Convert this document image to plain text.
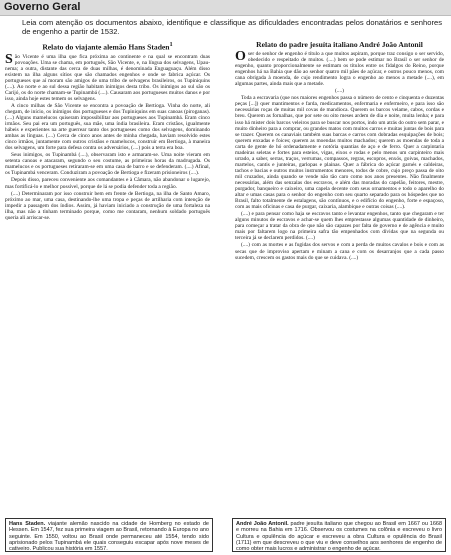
Governo Geral
Leia com atenção os documentos abaixo, identifique e classifique as dificuldades encontradas pelos donatários e senhores de engenho a partir de 1532.
Relato do viajante alemão Hans Staden$^1$

São Vicente é uma ilha que fica próxima ao continente e na qual se encontram duas povoações. Uma se chama, em português, São Vicente, e, na língua dos selvagens, Upau-nema; a outra, distante das cerca de duas milhas, é denominada Enguaguaçu. Além disso existem na ilha alguns sítios que são chamados engenhos e onde se fabrica açúcar. Os portugueses que aí moram são amigos de uma tribo de selvagens brasileiros, os Tupiniquins (....). Ao norte e ao sul dessa região habitam inimigos desta tribo. Os inimigos ao sul são os Carijó, os do norte chamam-se Tupinambá (....). Causaram aos portugueses muitos danos e por isso, ainda hoje estes temem os selvagens.

A cinco milhas de São Vicente se encontra a povoação de Bertioga. Vinha do norte, ali chegam, de início, os inimigos dos portugueses e dos Tupiniquins em suas canoas (piroganas). (....) Alguns mamelucos quiseram impossibilitar aos portugueses aos Tupinambá. Eram cinco irmãos. Seu pai era um português, sua mãe, uma índia brasileira. Eram cristãos, igualmente hábeis e experientes na arte guerrear tanto dos portugueses como dos selvagens, dominando ambas as línguas. (....) Cerca de cinco anos antes de minha chegada, haviam resolvido estes cinco irmãos, juntamente com outros cristãos e mamelucos, construir em Bertioga, à maneira dos selvagens, um forte para defesa contra os adversários, (....) pois a terra era boa.

Seus inimigos, os Tupinambá (....), observaram isto e armaram-se. Uma noite vieram em setenta canoas e atacaram, segundo o seu costume, as primeiras horas da madrugada. Os mamelucos e os portugueses retiraram-se em uma casa de barro e se defenderam. (....) Afinal, os Tupinambá venceram. Conduziram a povoação de Bertioga e fizeram prisioneiros (....).

Depois disso, pareceu conveniente aos comandantes e à Câmara, não abandonar o lugarejo, mas fortificá-lo e melhor possível, porque de lá se podia defender toda a região.

(....) Determinaram por isso construir bem em frente de Bertioga, na ilha de Santo Amaro, próximo ao mar, uma casa, destinando-lhe uma tropa e peças de artilharia com intenção de impedir a passagem dos índios. Assim, já haviam iniciado a construção de uma fortaleza na ilha, mas não a tinham terminado porque, como me contaram, nenhum soldado português queria ali arriscar-se.

Relato do padre jesuíta italiano André João Antonil

Oser de senhor de engenho é título a que muitos aspiram, porque traz consigo o ser servido, obedecido e respeitado de muitos. (....) bem se pode estimar no Brasil o ser senhor de engenho, quanto proporcionalmente se estimam os títulos entre os fidalgos do Reino, porque engenhos há na Bahia que dão ao senhor quatro mil pães de açúcar, e outros pouco menos, com cana obrigada à moenda, de cujo rendimento logra o engenho ao menos a metade (....), em algumas partes, ainda mais que a metade.

(....)

Toda a escravaria (que nos maiores engenhos passa o número de cento e cinquenta e duzentas peças [...]) quer mantimentos e farda, medicamentos, enfermaria e enfermeiro, e para isso são necessárias roças de muitas mil covas de mandioca. Querem os barcos velame, cabos, cordas e breu. Querem as fornalhas, que por sete ou oito meses ardem de dia e noite, muita lenha; e para isso há mister dois barcos veleiros para se buscar nos portos, indo um atrás do outro sem parar, e muito dinheiro para a comprar, ou grandes matos com muitos carros e muitas juntas de bois para se trazer. Querem os canaviais também suas barcas e carros com dobradas esquipações de bois; querem enxadas e foices; querem as moendas muitos machados; querem as moendas de toda a carta de gente de hó ordenadamente e notória quantias de aço e de ferro. Quer a carpintaria madeiras seletas e fortes para esteios, vigas, eixos e rodas e pelo menos um carpinteiro mais urrado, a saber, serras, traços, verrumas, compassos, regras, escopros, enxós, goivas, machados, martelos, cantis e junteiras, garlopas e plainas. Quer a fábrica do açúcar garnés e caldeiras, tachos e bacias e outros muitos instrumentos menores, todos de cobre, cujo preço passa de oito mil cruzados, ainda quando se vende não tão caro como nos anos presentes. Não finalmente necessárias, além das senzalas dos escravos, e além das moradas do capelão, feitores, mestre, purgador, banqueiro e caixeiro, uma capela decente com seus ornamentos e todo o aparelho do altar e umas casas para o senhor do engenho com seu quarto separado para os hóspedes que no Brasil, falto totalmente de estalagens, são contínuos, e o edifício do engenho, forte e espaçoso, com as mais oficinas e casa de purgar, caixaria, alambique e outras coisas (....).

(....) e para pensar como haja se escravos tanto e levantar engenhos, tanto que chegaram e ter alguns minutos de escravos e achar-se quem lhes emprestasse algumas quantidade de dinheiro, para começar a tratar da obra de que não são capazes por falta de governo e de agência e muito mais por faltarem logo na primeira safra tão empenhados com dívidas que na segunda ou terceira já se declarem perdidos. (....)

(....) com as mortes e as fugidas dos servos e com a perda de muitos cavalos e bois e com as secas que de improviso apertam e minam a cana e com os desarranjos que a cada passo sucedem, crescem os gastos mais do que se cuidava. (....)

Hans Staden. viajante alemão nascido na cidade de Homberg no estado de Hessen. Em 1547, fez sua primeira viagem ao Brasil, retornando à Europa no ano seguinte. Em 1550, voltou ao Brasil onde permaneceu até 1554, tendo sido aprisionado pelos Tupinambá ele quais conseguiu escapar após nove meses de cativeiro. Publicou sua história em 1557.
André João Antonil. padre jesuíta italiano que chegou ao Brasil em 1667 ou 1668 e morreu na Bahia em 1716. Observou os costumes na colônia e escreveu o livro Cultura e opulência do açúcar e escreveu a obra Cultura e opulência do Brasil (1711) em que descreveu o que viu e deve conselhos aos senhores de engenho de como obter mais lucros e administrar o engenho de açúcar.
